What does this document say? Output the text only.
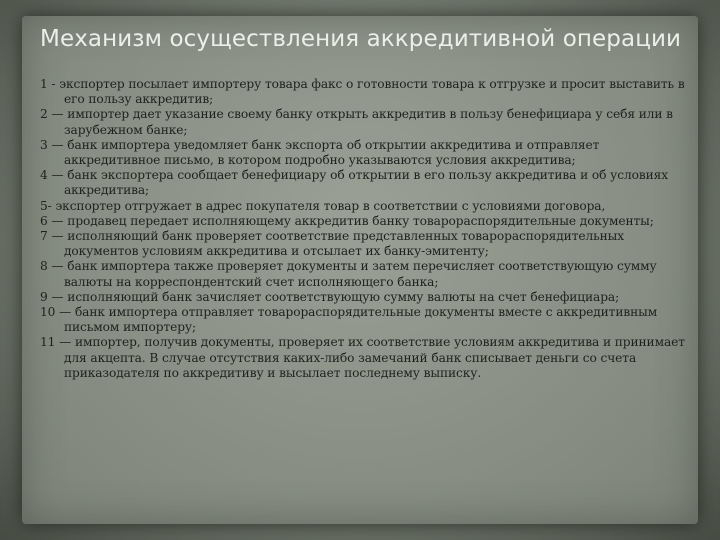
Механизм осуществления аккредитивной операции
1 - экспортер посылает импортеру товара факс о готовности товара к отгрузке и просит выставить в его пользу аккредитив;
2 — импортер дает указание своему банку открыть аккредитив в пользу бенефициара у себя или в зарубежном банке;
3 — банк импортера уведомляет банк экспорта об открытии аккредитива и отправляет аккредитивное письмо, в котором подробно указываются условия аккредитива;
4 — банк экспортера сообщает бенефициару об открытии в его пользу аккредитива и об условиях аккредитива;
5- экспортер отгружает в адрес покупателя товар в соответствии с условиями договора,
6 — продавец передает исполняющему аккредитив банку товарораспорядительные документы;
7 — исполняющий банк проверяет соответствие представленных товарораспорядительных документов условиям аккредитива и отсылает их банку-эмитенту;
8 — банк импортера также проверяет документы и затем перечисляет соответствующую сумму валюты на корреспондентский счет исполняющего банка;
9 — исполняющий банк зачисляет соответствующую сумму валюты на счет бенефициара;
10 — банк импортера отправляет товарораспорядительные документы вместе с аккредитивным письмом импортеру;
11 — импортер, получив документы, проверяет их соответствие условиям аккредитива и принимает для акцепта. В случае отсутствия каких-либо замечаний банк списывает деньги со счета приказодателя по аккредитиву и высылает последнему выписку.
